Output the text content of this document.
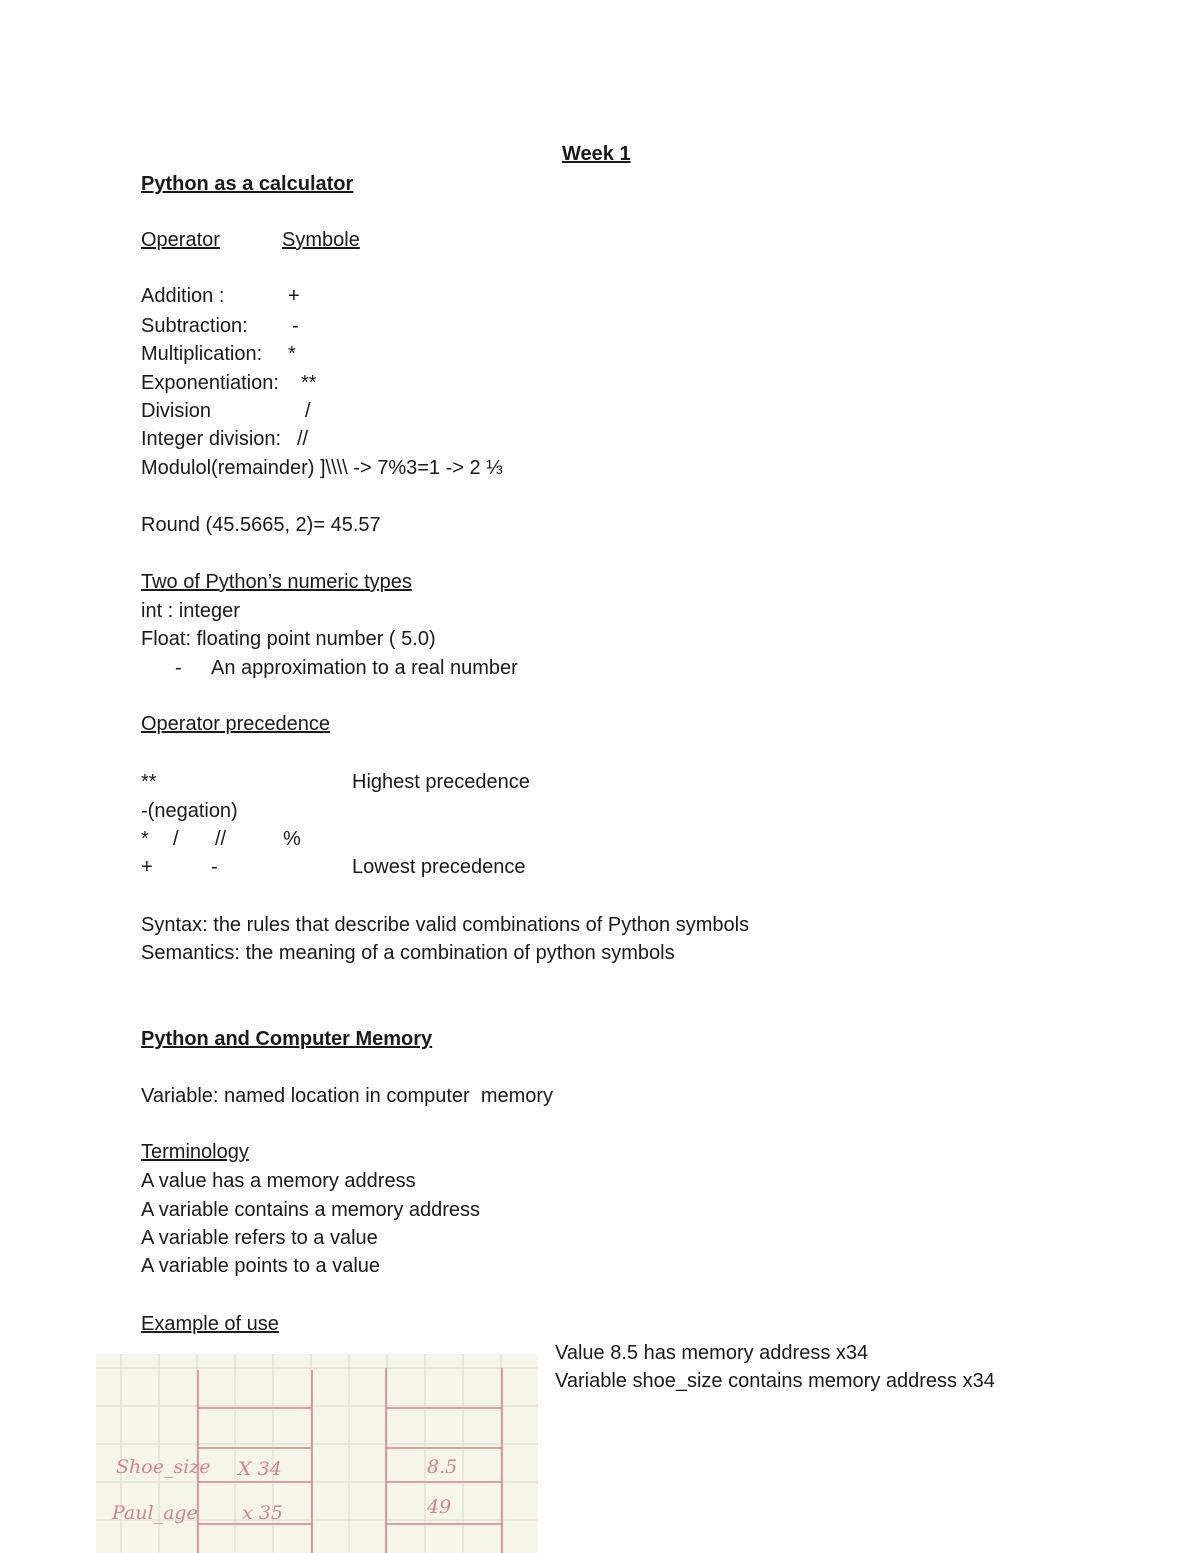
Week 1
Python as a calculator
Operator	Symbole
Addition :	+
Subtraction: -
Multiplication: *
Exponentiation: **
Division	/
Integer division: //
Modulol(remainder) ]\\\\ -> 7%3=1 -> 2 ⅓
Round (45.5665, 2)= 45.57
Two of Python’s numeric types
int : integer
Float: floating point number ( 5.0)
- An approximation to a real number
Operator precedence
**	Highest precedence
-(negation)
* / //	%
+	-	Lowest precedence
Syntax: the rules that describe valid combinations of Python symbols
Semantics: the meaning of a combination of python symbols
Python and Computer Memory
Variable: named location in computer  memory
Terminology
A value has a memory address
A variable contains a memory address
A variable refers to a value
A variable points to a value
Example of use
Value 8.5 has memory address x34
Variable shoe_size contains memory address x34
Shoe_size X 34	8.5
Paul_age x 35	49
